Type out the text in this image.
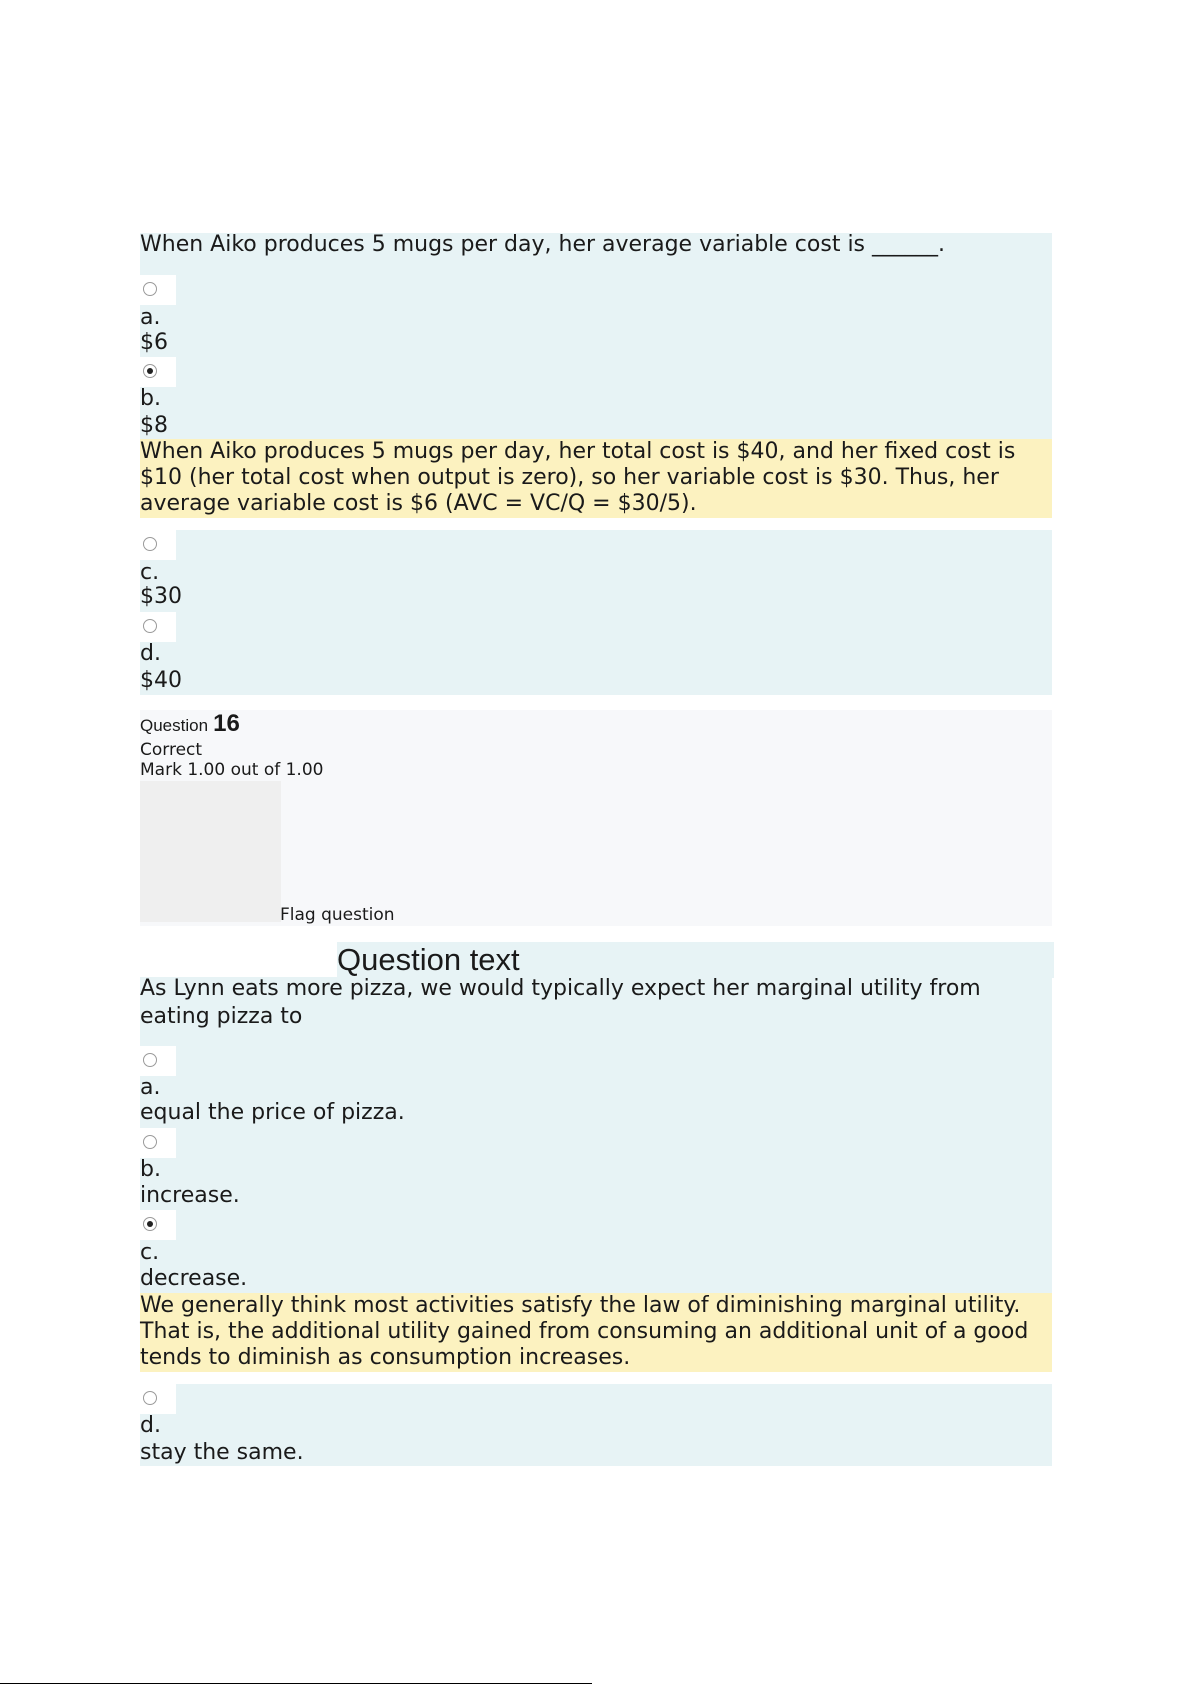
When Aiko produces 5 mugs per day, her average variable cost is ______.
a.
$6
b.
$8
When Aiko produces 5 mugs per day, her total cost is $40, and her fixed cost is $10 (her total cost when output is zero), so her variable cost is $30. Thus, her average variable cost is $6 (AVC = VC/Q = $30/5).
c.
$30
d.
$40
Question 16
Correct
Mark 1.00 out of 1.00
Flag question
Question text
As Lynn eats more pizza, we would typically expect her marginal utility from eating pizza to
a.
equal the price of pizza.
b.
increase.
c.
decrease.
We generally think most activities satisfy the law of diminishing marginal utility. That is, the additional utility gained from consuming an additional unit of a good tends to diminish as consumption increases.
d.
stay the same.
